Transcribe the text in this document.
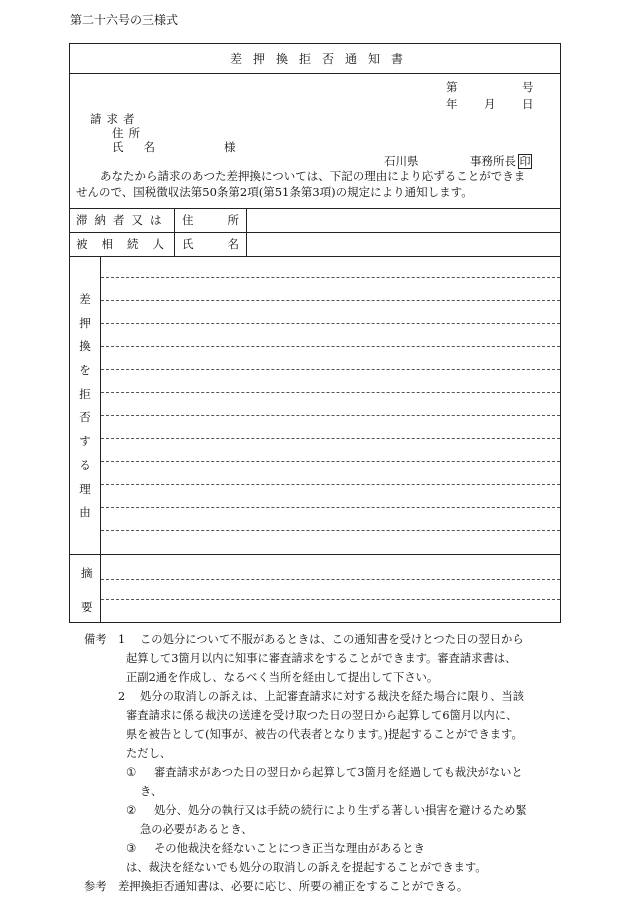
第二十六号の三様式
差押換拒否通知書
第	号
年 月 日
請求者
住所
氏名	様
石川県	事務所長 印
あなたから請求のあつた差押換については、下記の理由により応ずることができま
せんので、国税徴収法第50条第2項(第51条第3項)の規定により通知します。
滞納者又は 住所
被相続人 氏名
差
押
換
を
拒
否
す
る
理
由
摘
要
備考 1 この処分について不服があるときは、この通知書を受けとつた日の翌日から
起算して3箇月以内に知事に審査請求をすることができます。審査請求書は、
正副2通を作成し、なるべく当所を経由して提出して下さい。
2 処分の取消しの訴えは、上記審査請求に対する裁決を経た場合に限り、当該
審査請求に係る裁決の送達を受け取つた日の翌日から起算して6箇月以内に、
県を被告として(知事が、被告の代表者となります。)提起することができます。
ただし、
① 審査請求があつた日の翌日から起算して3箇月を経過しても裁決がないと
き、
② 処分、処分の執行又は手続の続行により生ずる著しい損害を避けるため緊
急の必要があるとき、
③ その他裁決を経ないことにつき正当な理由があるとき
は、裁決を経ないでも処分の取消しの訴えを提起することができます。
参考 差押換拒否通知書は、必要に応じ、所要の補正をすることができる。
